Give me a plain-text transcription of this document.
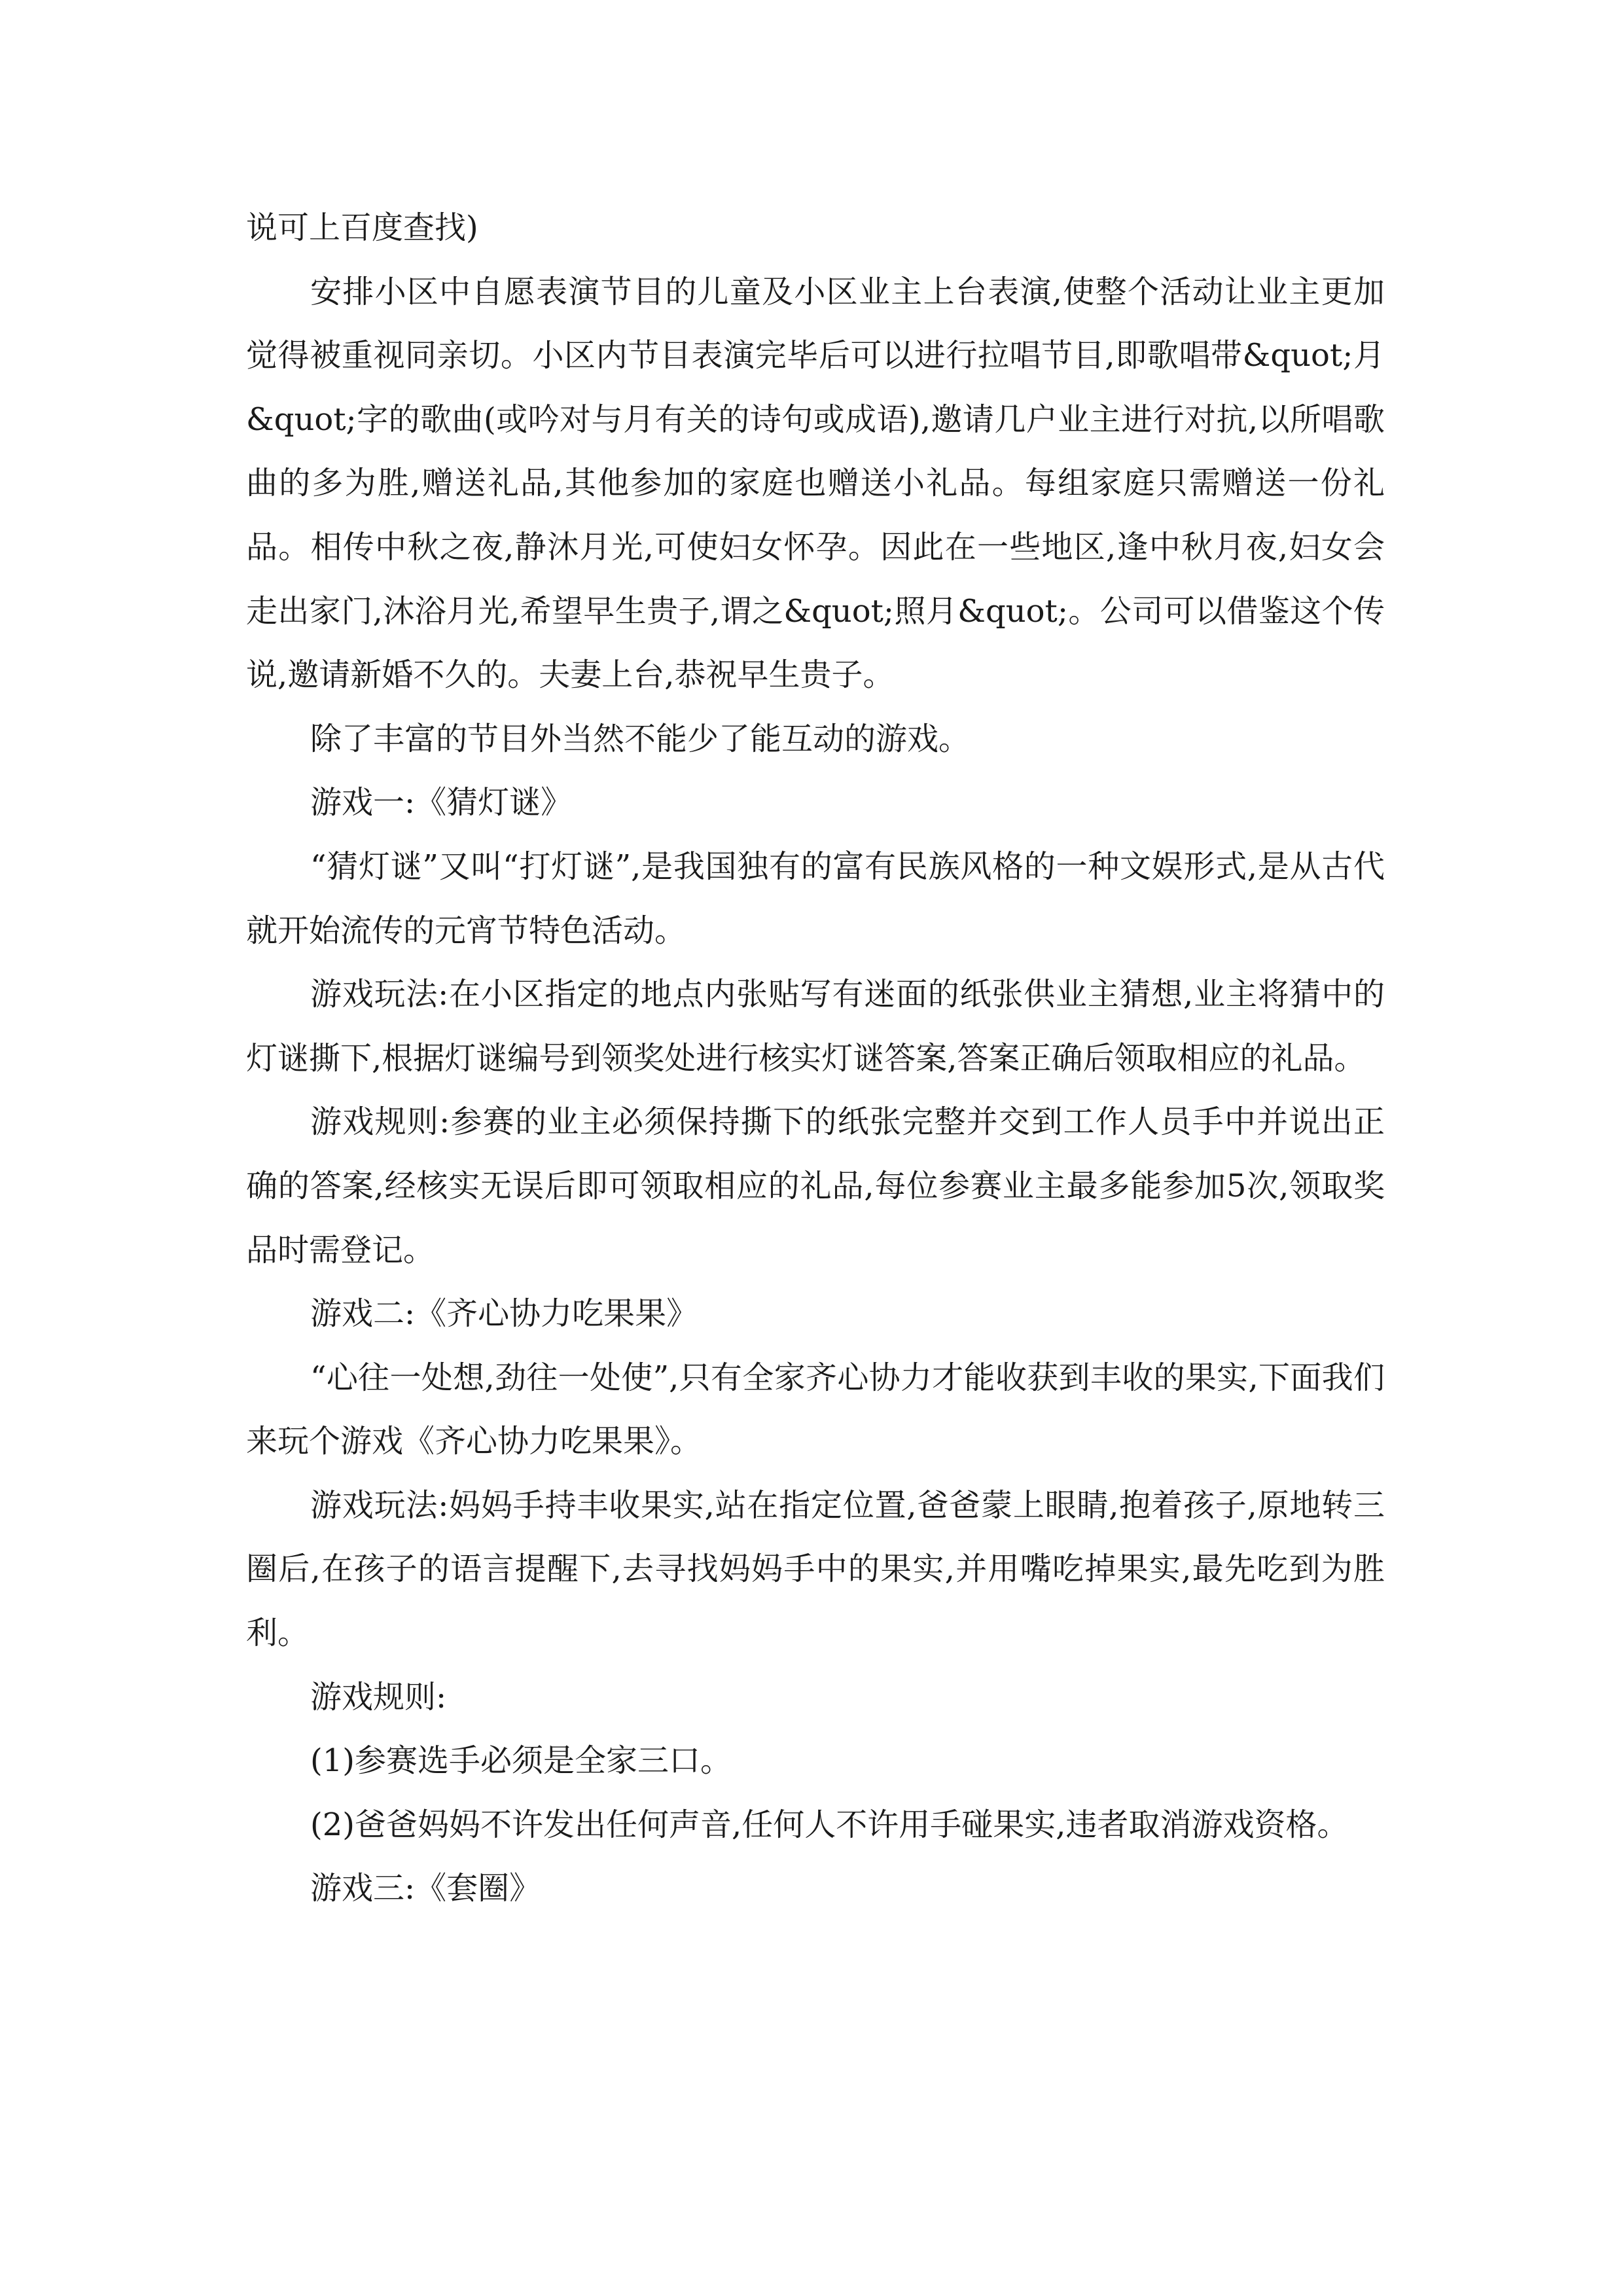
说可上百度查找)

安排小区中自愿表演节目的儿童及小区业主上台表演,使整个活动让业主更加觉得被重视同亲切。小区内节目表演完毕后可以进行拉唱节目,即歌唱带&quot;月&quot;字的歌曲(或吟对与月有关的诗句或成语),邀请几户业主进行对抗,以所唱歌曲的多为胜,赠送礼品,其他参加的家庭也赠送小礼品。每组家庭只需赠送一份礼品。相传中秋之夜,静沐月光,可使妇女怀孕。因此在一些地区,逢中秋月夜,妇女会走出家门,沐浴月光,希望早生贵子,谓之&quot;照月&quot;。公司可以借鉴这个传说,邀请新婚不久的。夫妻上台,恭祝早生贵子。

除了丰富的节目外当然不能少了能互动的游戏。

游戏一:《猜灯谜》

“猜灯谜”又叫“打灯谜”,是我国独有的富有民族风格的一种文娱形式,是从古代就开始流传的元宵节特色活动。

游戏玩法:在小区指定的地点内张贴写有迷面的纸张供业主猜想,业主将猜中的灯谜撕下,根据灯谜编号到领奖处进行核实灯谜答案,答案正确后领取相应的礼品。

游戏规则:参赛的业主必须保持撕下的纸张完整并交到工作人员手中并说出正确的答案,经核实无误后即可领取相应的礼品,每位参赛业主最多能参加5次,领取奖品时需登记。

游戏二:《齐心协力吃果果》

“心往一处想,劲往一处使”,只有全家齐心协力才能收获到丰收的果实,下面我们来玩个游戏《齐心协力吃果果》。

游戏玩法:妈妈手持丰收果实,站在指定位置,爸爸蒙上眼睛,抱着孩子,原地转三圈后,在孩子的语言提醒下,去寻找妈妈手中的果实,并用嘴吃掉果实,最先吃到为胜利。

游戏规则:

(1)参赛选手必须是全家三口。

(2)爸爸妈妈不许发出任何声音,任何人不许用手碰果实,违者取消游戏资格。

游戏三:《套圈》
